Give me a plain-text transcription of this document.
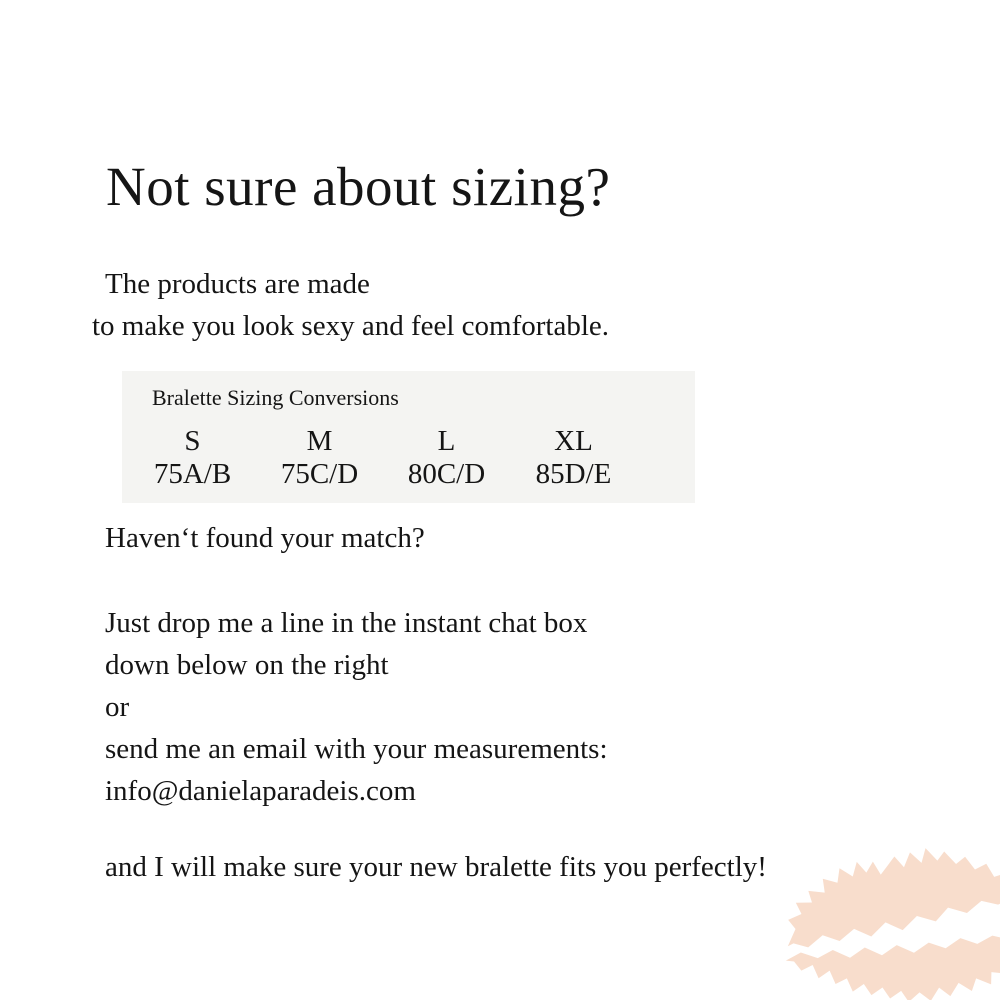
Not sure about sizing?
The products are made
to make you look sexy and feel comfortable.
Bralette Sizing Conversions
S
75A/B
M
75C/D
L
80C/D
XL
85D/E
Haven‘t found your match?
Just drop me a line in the instant chat box
down below on the right
or
send me an email with your measurements:
info@danielaparadeis.com
and I will make sure your new bralette fits you perfectly!
